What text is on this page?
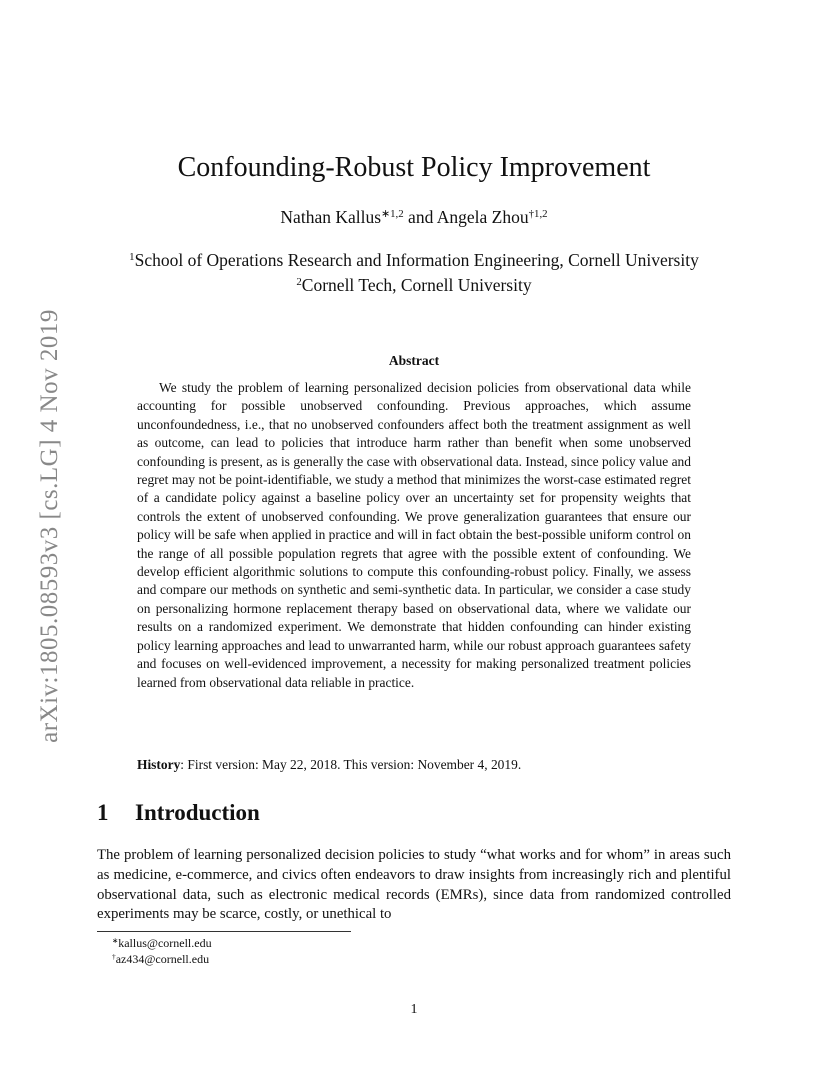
arXiv:1805.08593v3 [cs.LG] 4 Nov 2019
Confounding-Robust Policy Improvement
Nathan Kallus$^{∗1,2}$ and Angela Zhou$^{\dagger 1,2}$
$^1$School of Operations Research and Information Engineering, Cornell University
$^2$Cornell Tech, Cornell University
Abstract

We study the problem of learning personalized decision policies from observational data while accounting for possible unobserved confounding. Previous approaches, which assume unconfoundedness, i.e., that no unobserved confounders affect both the treatment assignment as well as outcome, can lead to policies that introduce harm rather than benefit when some unobserved confounding is present, as is generally the case with observational data. Instead, since policy value and regret may not be point-identifiable, we study a method that minimizes the worst-case estimated regret of a candidate policy against a baseline policy over an uncertainty set for propensity weights that controls the extent of unobserved confounding. We prove generalization guarantees that ensure our policy will be safe when applied in practice and will in fact obtain the best-possible uniform control on the range of all possible population regrets that agree with the possible extent of confounding. We develop efficient algorithmic solutions to compute this confounding-robust policy. Finally, we assess and compare our methods on synthetic and semi-synthetic data. In particular, we consider a case study on personalizing hormone replacement therapy based on observational data, where we validate our results on a randomized experiment. We demonstrate that hidden confounding can hinder existing policy learning approaches and lead to unwarranted harm, while our robust approach guarantees safety and focuses on well-evidenced improvement, a necessity for making personalized treatment policies learned from observational data reliable in practice.

History: First version: May 22, 2018. This version: November 4, 2019.
1 Introduction

The problem of learning personalized decision policies to study “what works and for whom” in areas such as medicine, e-commerce, and civics often endeavors to draw insights from increasingly rich and plentiful observational data, such as electronic medical records (EMRs), since data from randomized controlled experiments may be scarce, costly, or unethical to

∗kallus@cornell.edu
†az434@cornell.edu
1
